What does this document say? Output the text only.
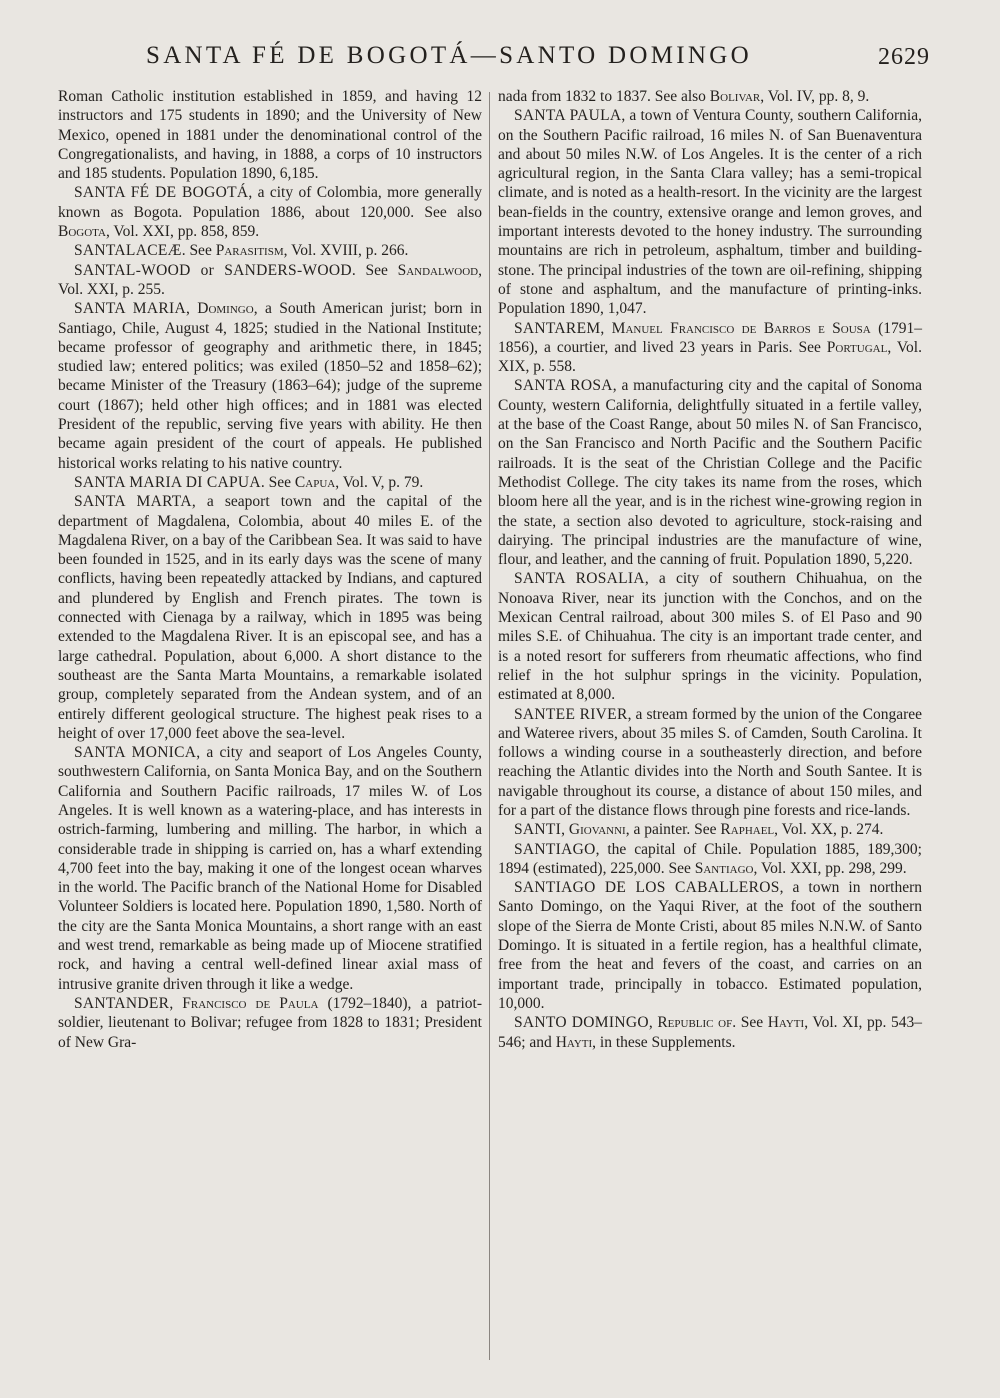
SANTA FÉ DE BOGOTÁ—SANTO DOMINGO	2629

Roman Catholic institution established in 1859, and having 12 instructors and 175 students in 1890; and the University of New Mexico, opened in 1881 under the denominational control of the Congregationalists, and having, in 1888, a corps of 10 instructors and 185 students. Population 1890, 6,185.

SANTA FÉ DE BOGOTÁ, a city of Colombia, more generally known as Bogota. Population 1886, about 120,000. See also Bogota, Vol. XXI, pp. 858, 859.

SANTALACEÆ. See Parasitism, Vol. XVIII, p. 266.

SANTAL-WOOD or SANDERS-WOOD. See Sandalwood, Vol. XXI, p. 255.

SANTA MARIA, Domingo, a South American jurist; born in Santiago, Chile, August 4, 1825; studied in the National Institute; became professor of geography and arithmetic there, in 1845; studied law; entered politics; was exiled (1850–52 and 1858–62); became Minister of the Treasury (1863–64); judge of the supreme court (1867); held other high offices; and in 1881 was elected President of the republic, serving five years with ability. He then became again president of the court of appeals. He published historical works relating to his native country.

SANTA MARIA DI CAPUA. See Capua, Vol. V, p. 79.

SANTA MARTA, a seaport town and the capital of the department of Magdalena, Colombia, about 40 miles E. of the Magdalena River, on a bay of the Caribbean Sea. It was said to have been founded in 1525, and in its early days was the scene of many conflicts, having been repeatedly attacked by Indians, and captured and plundered by English and French pirates. The town is connected with Cienaga by a railway, which in 1895 was being extended to the Magdalena River. It is an episcopal see, and has a large cathedral. Population, about 6,000. A short distance to the southeast are the Santa Marta Mountains, a remarkable isolated group, completely separated from the Andean system, and of an entirely different geological structure. The highest peak rises to a height of over 17,000 feet above the sea-level.

SANTA MONICA, a city and seaport of Los Angeles County, southwestern California, on Santa Monica Bay, and on the Southern California and Southern Pacific railroads, 17 miles W. of Los Angeles. It is well known as a watering-place, and has interests in ostrich-farming, lumbering and milling. The harbor, in which a considerable trade in shipping is carried on, has a wharf extending 4,700 feet into the bay, making it one of the longest ocean wharves in the world. The Pacific branch of the National Home for Disabled Volunteer Soldiers is located here. Population 1890, 1,580. North of the city are the Santa Monica Mountains, a short range with an east and west trend, remarkable as being made up of Miocene stratified rock, and having a central well-defined linear axial mass of intrusive granite driven through it like a wedge.

SANTANDER, Francisco de Paula (1792–1840), a patriot-soldier, lieutenant to Bolivar; refugee from 1828 to 1831; President of New Gra-

nada from 1832 to 1837. See also Bolivar, Vol. IV, pp. 8, 9.

SANTA PAULA, a town of Ventura County, southern California, on the Southern Pacific railroad, 16 miles N. of San Buenaventura and about 50 miles N.W. of Los Angeles. It is the center of a rich agricultural region, in the Santa Clara valley; has a semi-tropical climate, and is noted as a health-resort. In the vicinity are the largest bean-fields in the country, extensive orange and lemon groves, and important interests devoted to the honey industry. The surrounding mountains are rich in petroleum, asphaltum, timber and building-stone. The principal industries of the town are oil-refining, shipping of stone and asphaltum, and the manufacture of printing-inks. Population 1890, 1,047.

SANTAREM, Manuel Francisco de Barros e Sousa (1791–1856), a courtier, and lived 23 years in Paris. See Portugal, Vol. XIX, p. 558.

SANTA ROSA, a manufacturing city and the capital of Sonoma County, western California, delightfully situated in a fertile valley, at the base of the Coast Range, about 50 miles N. of San Francisco, on the San Francisco and North Pacific and the Southern Pacific railroads. It is the seat of the Christian College and the Pacific Methodist College. The city takes its name from the roses, which bloom here all the year, and is in the richest wine-growing region in the state, a section also devoted to agriculture, stock-raising and dairying. The principal industries are the manufacture of wine, flour, and leather, and the canning of fruit. Population 1890, 5,220.

SANTA ROSALIA, a city of southern Chihuahua, on the Nonoava River, near its junction with the Conchos, and on the Mexican Central railroad, about 300 miles S. of El Paso and 90 miles S.E. of Chihuahua. The city is an important trade center, and is a noted resort for sufferers from rheumatic affections, who find relief in the hot sulphur springs in the vicinity. Population, estimated at 8,000.

SANTEE RIVER, a stream formed by the union of the Congaree and Wateree rivers, about 35 miles S. of Camden, South Carolina. It follows a winding course in a southeasterly direction, and before reaching the Atlantic divides into the North and South Santee. It is navigable throughout its course, a distance of about 150 miles, and for a part of the distance flows through pine forests and rice-lands.

SANTI, Giovanni, a painter. See Raphael, Vol. XX, p. 274.

SANTIAGO, the capital of Chile. Population 1885, 189,300; 1894 (estimated), 225,000. See Santiago, Vol. XXI, pp. 298, 299.

SANTIAGO DE LOS CABALLEROS, a town in northern Santo Domingo, on the Yaqui River, at the foot of the southern slope of the Sierra de Monte Cristi, about 85 miles N.N.W. of Santo Domingo. It is situated in a fertile region, has a healthful climate, free from the heat and fevers of the coast, and carries on an important trade, principally in tobacco. Estimated population, 10,000.

SANTO DOMINGO, Republic of. See Hayti, Vol. XI, pp. 543–546; and Hayti, in these Supplements.
